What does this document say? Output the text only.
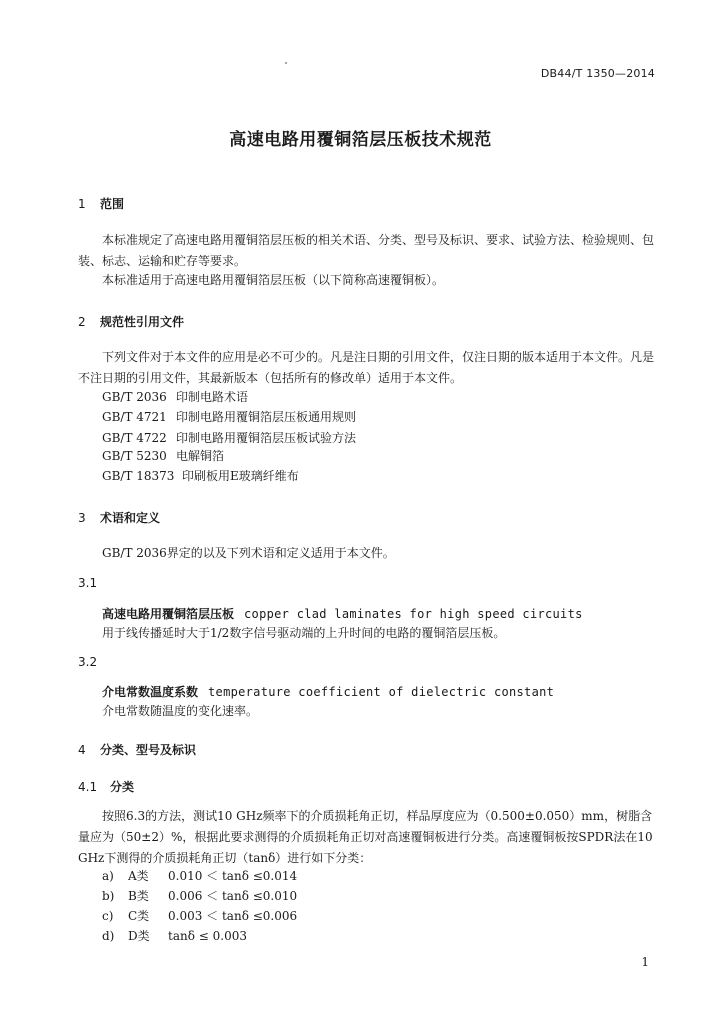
DB44/T 1350—2014
高速电路用覆铜箔层压板技术规范
1 范围
本标准规定了高速电路用覆铜箔层压板的相关术语、分类、型号及标识、要求、试验方法、检验规则、包装、标志、运输和贮存等要求。
本标准适用于高速电路用覆铜箔层压板（以下简称高速覆铜板）。
2 规范性引用文件
下列文件对于本文件的应用是必不可少的。凡是注日期的引用文件，仅注日期的版本适用于本文件。凡是不注日期的引用文件，其最新版本（包括所有的修改单）适用于本文件。
GB/T 2036 印制电路术语
GB/T 4721 印制电路用覆铜箔层压板通用规则
GB/T 4722 印制电路用覆铜箔层压板试验方法
GB/T 5230 电解铜箔
GB/T 18373 印刷板用E玻璃纤维布
3 术语和定义
GB/T 2036界定的以及下列术语和定义适用于本文件。
3.1
高速电路用覆铜箔层压板 copper clad laminates for high speed circuits
用于线传播延时大于1/2数字信号驱动端的上升时间的电路的覆铜箔层压板。
3.2
介电常数温度系数 temperature coefficient of dielectric constant
介电常数随温度的变化速率。
4 分类、型号及标识
4.1 分类
按照6.3的方法，测试10 GHz频率下的介质损耗角正切，样品厚度应为（0.500±0.050）mm，树脂含量应为（50±2）%，根据此要求测得的介质损耗角正切对高速覆铜板进行分类。高速覆铜板按SPDR法在10 GHz下测得的介质损耗角正切（tanδ）进行如下分类：
a) A类 0.010 ＜ tanδ ≤0.014
b) B类 0.006 ＜ tanδ ≤0.010
c) C类 0.003 ＜ tanδ ≤0.006
d) D类 tanδ ≤ 0.003
1
